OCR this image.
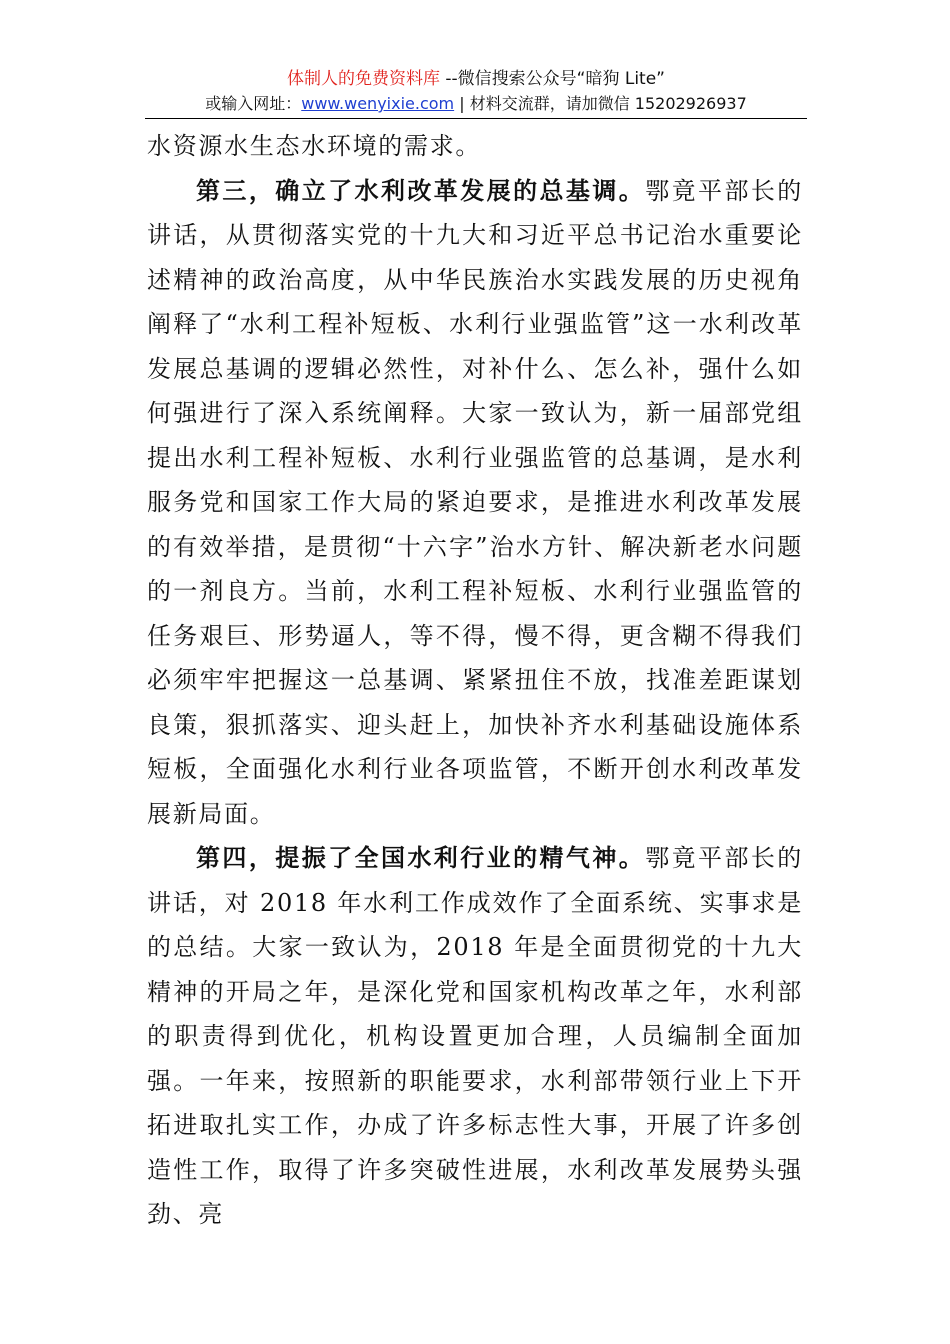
体制人的免费资料库 --微信搜索公众号“暗狗 Lite”
或输入网址：www.wenyixie.com | 材料交流群，请加微信 15202926937

水资源水生态水环境的需求。

第三，确立了水利改革发展的总基调。鄂竟平部长的讲话，从贯彻落实党的十九大和习近平总书记治水重要论述精神的政治高度，从中华民族治水实践发展的历史视角阐释了“水利工程补短板、水利行业强监管”这一水利改革发展总基调的逻辑必然性，对补什么、怎么补，强什么如何强进行了深入系统阐释。大家一致认为，新一届部党组提出水利工程补短板、水利行业强监管的总基调，是水利服务党和国家工作大局的紧迫要求，是推进水利改革发展的有效举措，是贯彻“十六字”治水方针、解决新老水问题的一剂良方。当前，水利工程补短板、水利行业强监管的任务艰巨、形势逼人，等不得，慢不得，更含糊不得我们必须牢牢把握这一总基调、紧紧扭住不放，找准差距谋划良策，狠抓落实、迎头赶上，加快补齐水利基础设施体系短板，全面强化水利行业各项监管，不断开创水利改革发展新局面。

第四，提振了全国水利行业的精气神。鄂竟平部长的讲话，对 2018 年水利工作成效作了全面系统、实事求是的总结。大家一致认为，2018 年是全面贯彻党的十九大精神的开局之年，是深化党和国家机构改革之年，水利部的职责得到优化，机构设置更加合理，人员编制全面加强。一年来，按照新的职能要求，水利部带领行业上下开拓进取扎实工作，办成了许多标志性大事，开展了许多创造性工作，取得了许多突破性进展，水利改革发展势头强劲、亮
